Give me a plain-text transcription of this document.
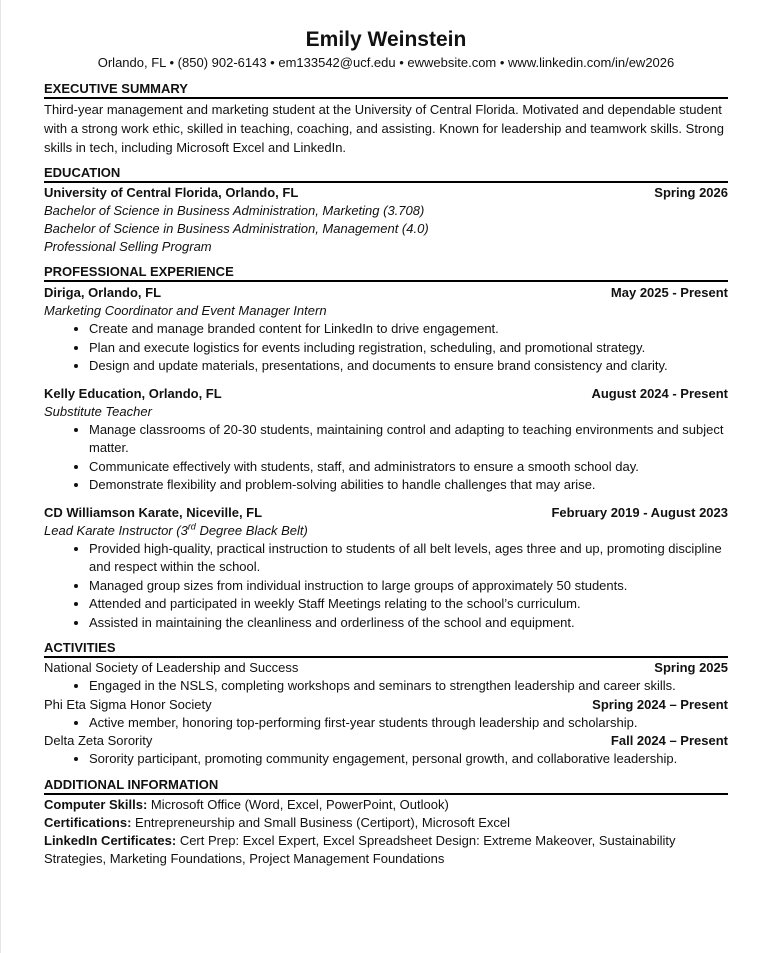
Emily Weinstein

Orlando, FL • (850) 902-6143 • em133542@ucf.edu • ewwebsite.com • www.linkedin.com/in/ew2026

EXECUTIVE SUMMARY

Third-year management and marketing student at the University of Central Florida. Motivated and dependable student with a strong work ethic, skilled in teaching, coaching, and assisting. Known for leadership and teamwork skills. Strong skills in tech, including Microsoft Excel and LinkedIn.

EDUCATION
University of Central Florida, Orlando, FL	Spring 2026

Bachelor of Science in Business Administration, Marketing (3.708)

Bachelor of Science in Business Administration, Management (4.0)

Professional Selling Program

PROFESSIONAL EXPERIENCE
Diriga, Orlando, FL	May 2025 - Present

Marketing Coordinator and Event Manager Intern

• Create and manage branded content for LinkedIn to drive engagement.
• Plan and execute logistics for events including registration, scheduling, and promotional strategy.
• Design and update materials, presentations, and documents to ensure brand consistency and clarity.
Kelly Education, Orlando, FL	August 2024 - Present

Substitute Teacher

• Manage classrooms of 20-30 students, maintaining control and adapting to teaching environments and subject matter.
• Communicate effectively with students, staff, and administrators to ensure a smooth school day.
• Demonstrate flexibility and problem-solving abilities to handle challenges that may arise.
CD Williamson Karate, Niceville, FL	February 2019 - August 2023

Lead Karate Instructor (3rd Degree Black Belt)

• Provided high-quality, practical instruction to students of all belt levels, ages three and up, promoting discipline and respect within the school.
• Managed group sizes from individual instruction to large groups of approximately 50 students.
• Attended and participated in weekly Staff Meetings relating to the school’s curriculum.
• Assisted in maintaining the cleanliness and orderliness of the school and equipment.
ACTIVITIES
National Society of Leadership and Success	Spring 2025
• Engaged in the NSLS, completing workshops and seminars to strengthen leadership and career skills.
Phi Eta Sigma Honor Society	Spring 2024 – Present
• Active member, honoring top-performing first-year students through leadership and scholarship.
Delta Zeta Sorority	Fall 2024 – Present
• Sorority participant, promoting community engagement, personal growth, and collaborative leadership.
ADDITIONAL INFORMATION

Computer Skills: Microsoft Office (Word, Excel, PowerPoint, Outlook)

Certifications: Entrepreneurship and Small Business (Certiport), Microsoft Excel

LinkedIn Certificates: Cert Prep: Excel Expert, Excel Spreadsheet Design: Extreme Makeover, Sustainability Strategies, Marketing Foundations, Project Management Foundations
